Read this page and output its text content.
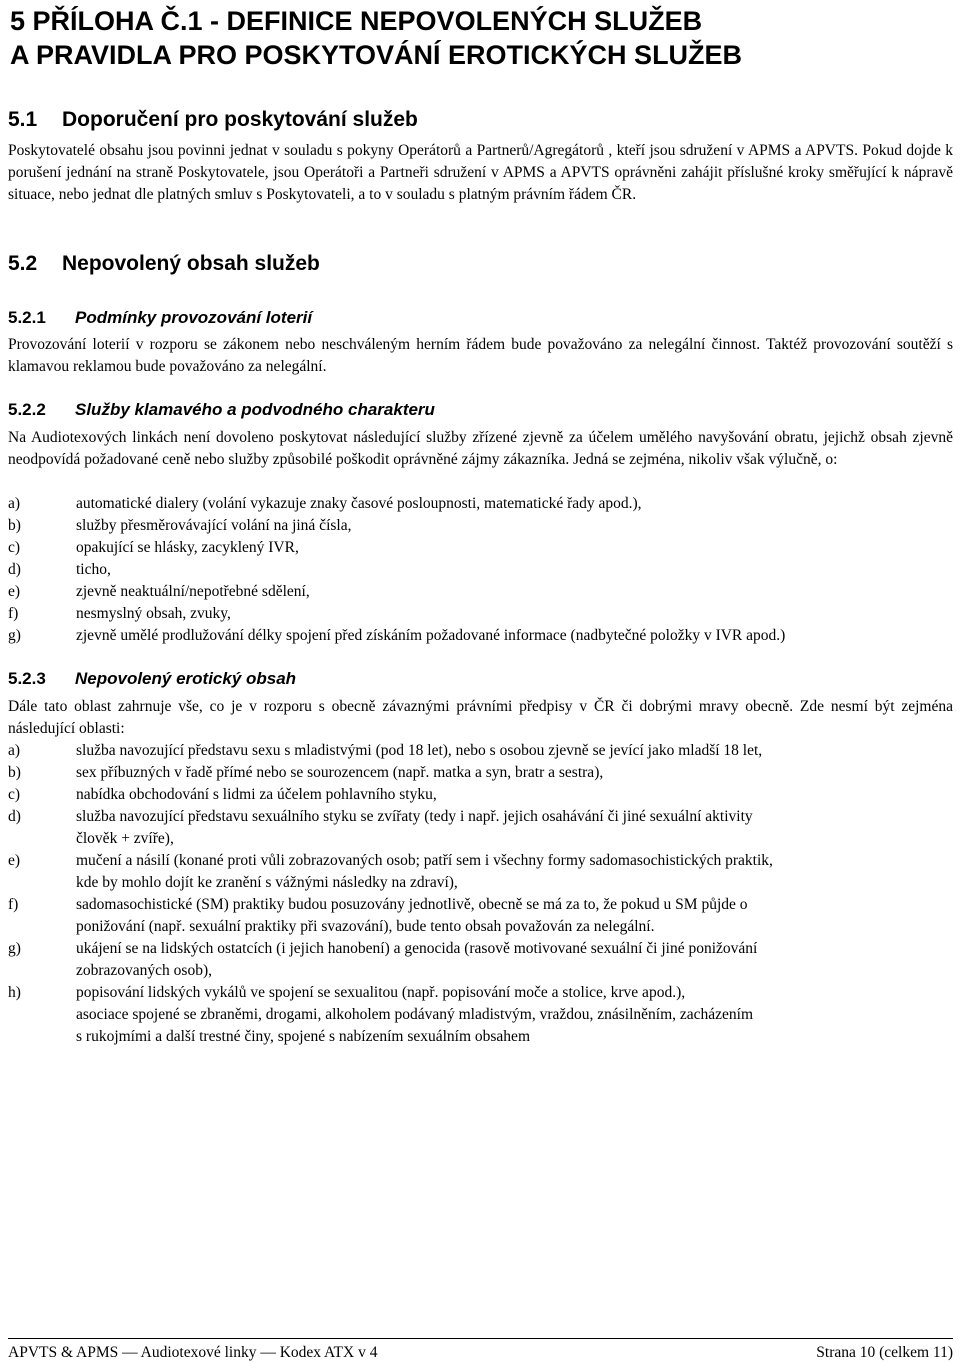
5 PŘÍLOHA Č.1 - DEFINICE NEPOVOLENÝCH SLUŽEB
A PRAVIDLA PRO POSKYTOVÁNÍ EROTICKÝCH SLUŽEB
5.1 Doporučení pro poskytování služeb

Poskytovatelé obsahu jsou povinni jednat v souladu s pokyny Operátorů a Partnerů/Agregátorů , kteří jsou sdružení v APMS a APVTS. Pokud dojde k porušení jednání na straně Poskytovatele, jsou Operátoři a Partneři sdružení v APMS a APVTS oprávněni zahájit příslušné kroky směřující k nápravě situace, nebo jednat dle platných smluv s Poskytovateli, a to v souladu s platným právním řádem ČR.

5.2 Nepovolený obsah služeb
5.2.1 Podmínky provozování loterií

Provozování loterií v rozporu se zákonem nebo neschváleným herním řádem bude považováno za nelegální činnost. Taktéž provozování soutěží s klamavou reklamou bude považováno za nelegální.

5.2.2 Služby klamavého a podvodného charakteru

Na Audiotexových linkách není dovoleno poskytovat následující služby zřízené zjevně za účelem umělého navyšování obratu, jejichž obsah zjevně neodpovídá požadované ceně nebo služby způsobilé poškodit oprávněné zájmy zákazníka. Jedná se zejména, nikoliv však výlučně, o:

a)	automatické dialery (volání vykazuje znaky časové posloupnosti, matematické řady apod.),
b)	služby přesměrovávající volání na jiná čísla,
c)	opakující se hlásky, zacyklený IVR,
d)	ticho,
e)	zjevně neaktuální/nepotřebné sdělení,
f)	nesmyslný obsah, zvuky,
g)	zjevně umělé prodlužování délky spojení před získáním požadované informace (nadbytečné položky v IVR apod.)
5.2.3 Nepovolený erotický obsah

Dále tato oblast zahrnuje vše, co je v rozporu s obecně závaznými právními předpisy v ČR či dobrými mravy obecně. Zde nesmí být zejména následující oblasti:

a)	služba navozující představu sexu s mladistvými (pod 18 let), nebo s osobou zjevně se jevící jako mladší 18 let,
b)	sex příbuzných v řadě přímé nebo se sourozencem (např. matka a syn, bratr a sestra),
c)	nabídka obchodování s lidmi za účelem pohlavního styku,
d)	služba navozující představu sexuálního styku se zvířaty (tedy i např. jejich osahávání či jiné sexuální aktivity
člověk + zvíře),
e)	mučení a násilí (konané proti vůli zobrazovaných osob; patří sem i všechny formy sadomasochistických praktik,
kde by mohlo dojít ke zranění s vážnými následky na zdraví),
f)	sadomasochistické (SM) praktiky budou posuzovány jednotlivě, obecně se má za to, že pokud u SM půjde o
ponižování (např. sexuální praktiky při svazování), bude tento obsah považován za nelegální.
g)	ukájení se na lidských ostatcích (i jejich hanobení) a genocida (rasově motivované sexuální či jiné ponižování
zobrazovaných osob),
h)	popisování lidských vykálů ve spojení se sexualitou (např. popisování moče a stolice, krve apod.),
asociace spojené se zbraněmi, drogami, alkoholem podávaný mladistvým, vraždou, znásilněním, zacházením
s rukojmími a další trestné činy, spojené s nabízením sexuálním obsahem
APVTS & APMS — Audiotexové linky — Kodex ATX v 4	Strana 10 (celkem 11)
